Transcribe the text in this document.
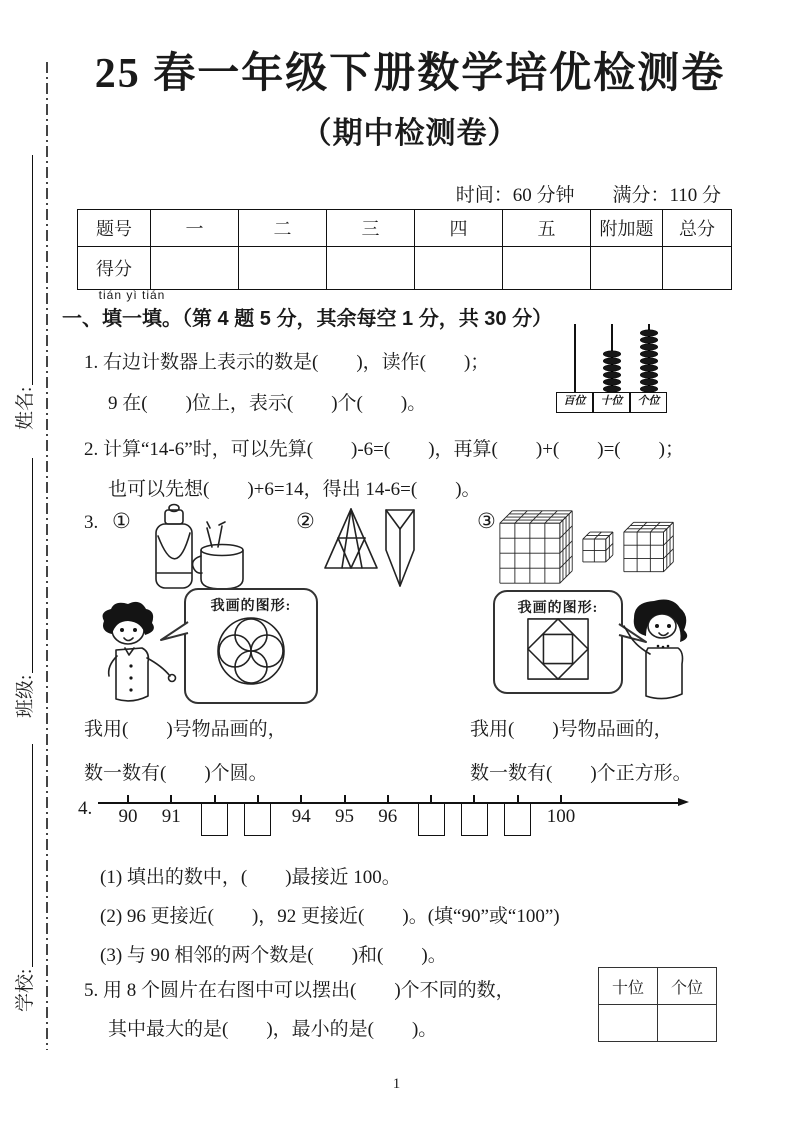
姓名:
班级:
学校:
25 春一年级下册数学培优检测卷
（期中检测卷）
时间：60 分钟　　满分：110 分
题号	一	二	三	四	五	附加题	总分
得分							
一、
tián yì tián
填一填。（第 4 题 5 分，其余每空 1 分，共 30 分）
1. 右边计数器上表示的数是(　　)，读作(　　)；
9 在(　　)位上，表示(　　)个(　　)。	百位	十位	个位
2. 计算“14-6”时，可以先算(　　)-6=(　　)，再算(　　)+(　　)=(　　)；
也可以先想(　　)+6=14，得出 14-6=(　　)。
3. ①	②	③
我画的图形:	我画的图形:
我用(　　)号物品画的，
数一数有(　　)个圆。
我用(　　)号物品画的，
数一数有(　　)个正方形。
4.	90	91	94	95	96	100
(1) 填出的数中，(　　)最接近 100。
(2) 96 更接近(　　)，92 更接近(　　)。(填“90”或“100”)
(3) 与 90 相邻的两个数是(　　)和(　　)。
5. 用 8 个圆片在右图中可以摆出(　　)个不同的数，
其中最大的是(　　)，最小的是(　　)。
十位	个位

1
